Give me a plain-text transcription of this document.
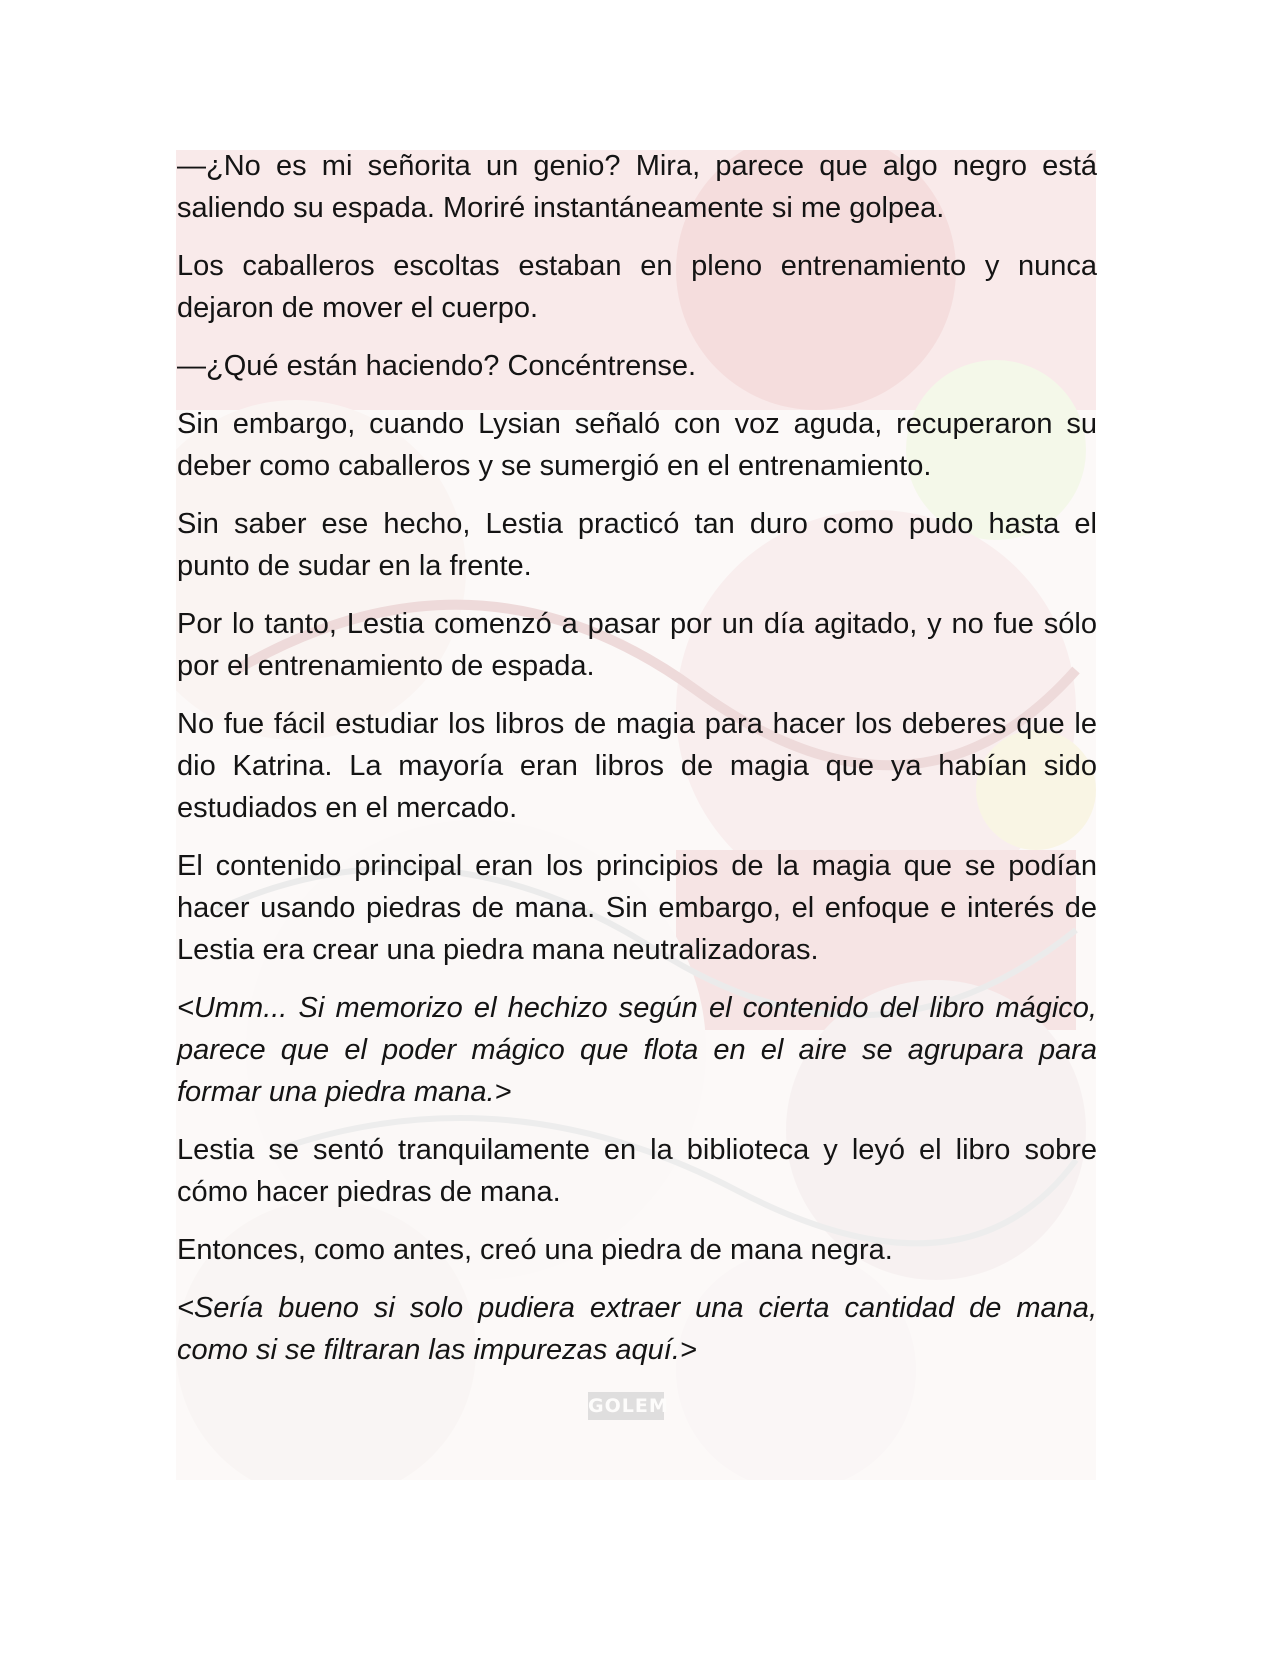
GOLEM

—¿No es mi señorita un genio? Mira, parece que algo negro está saliendo su espada. Moriré instantáneamente si me golpea.

Los caballeros escoltas estaban en pleno entrenamiento y nunca dejaron de mover el cuerpo.

—¿Qué están haciendo? Concéntrense.

Sin embargo, cuando Lysian señaló con voz aguda, recuperaron su deber como caballeros y se sumergió en el entrenamiento.

Sin saber ese hecho, Lestia practicó tan duro como pudo hasta el punto de sudar en la frente.

Por lo tanto, Lestia comenzó a pasar por un día agitado, y no fue sólo por el entrenamiento de espada.

No fue fácil estudiar los libros de magia para hacer los deberes que le dio Katrina. La mayoría eran libros de magia que ya habían sido estudiados en el mercado.

El contenido principal eran los principios de la magia que se podían hacer usando piedras de mana. Sin embargo, el enfoque e interés de Lestia era crear una piedra mana neutralizadoras.

<Umm... Si memorizo el hechizo según el contenido del libro mágico, parece que el poder mágico que flota en el aire se agrupara para formar una piedra mana.>

Lestia se sentó tranquilamente en la biblioteca y leyó el libro sobre cómo hacer piedras de mana.

Entonces, como antes, creó una piedra de mana negra.

<Sería bueno si solo pudiera extraer una cierta cantidad de mana, como si se filtraran las impurezas aquí.>
